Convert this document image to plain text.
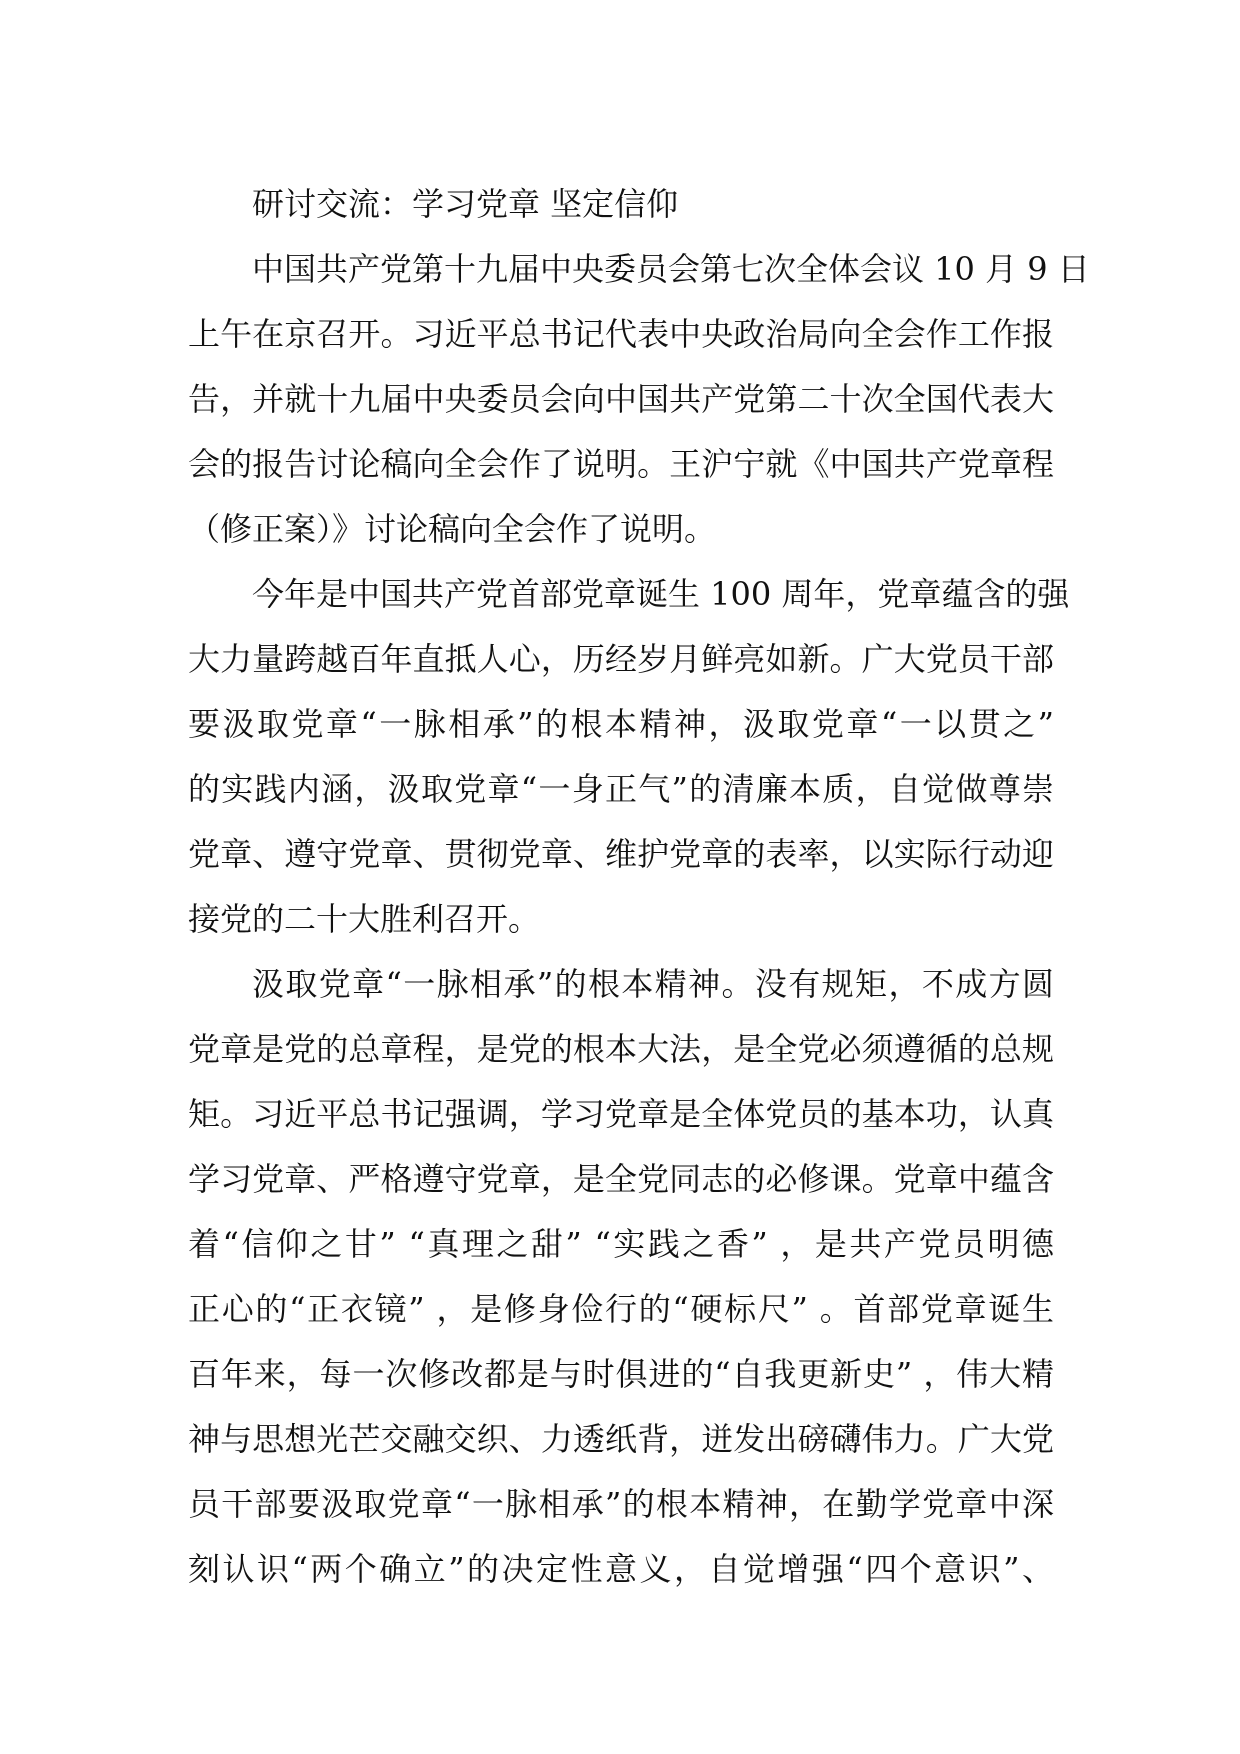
研讨交流：学习党章 坚定信仰
中国共产党第十九届中央委员会第七次全体会议 10 月 9 日
上午在京召开。习近平总书记代表中央政治局向全会作工作报
告，并就十九届中央委员会向中国共产党第二十次全国代表大
会的报告讨论稿向全会作了说明。王沪宁就《中国共产党章程
（修正案）》讨论稿向全会作了说明。
今年是中国共产党首部党章诞生 100 周年，党章蕴含的强
大力量跨越百年直抵人心，历经岁月鲜亮如新。广大党员干部
要汲取党章“一脉相承”的根本精神，汲取党章“一以贯之”
的实践内涵，汲取党章“一身正气”的清廉本质，自觉做尊崇
党章、遵守党章、贯彻党章、维护党章的表率，以实际行动迎
接党的二十大胜利召开。
汲取党章“一脉相承”的根本精神。没有规矩，不成方圆
党章是党的总章程，是党的根本大法，是全党必须遵循的总规
矩。习近平总书记强调，学习党章是全体党员的基本功，认真
学习党章、严格遵守党章，是全党同志的必修课。党章中蕴含
着“信仰之甘” “真理之甜” “实践之香” ，是共产党员明德
正心的“正衣镜” ，是修身俭行的“硬标尺” 。首部党章诞生
百年来，每一次修改都是与时俱进的“自我更新史” ，伟大精
神与思想光芒交融交织、力透纸背，迸发出磅礴伟力。广大党
员干部要汲取党章“一脉相承”的根本精神，在勤学党章中深
刻认识“两个确立”的决定性意义，自觉增强“四个意识”、
